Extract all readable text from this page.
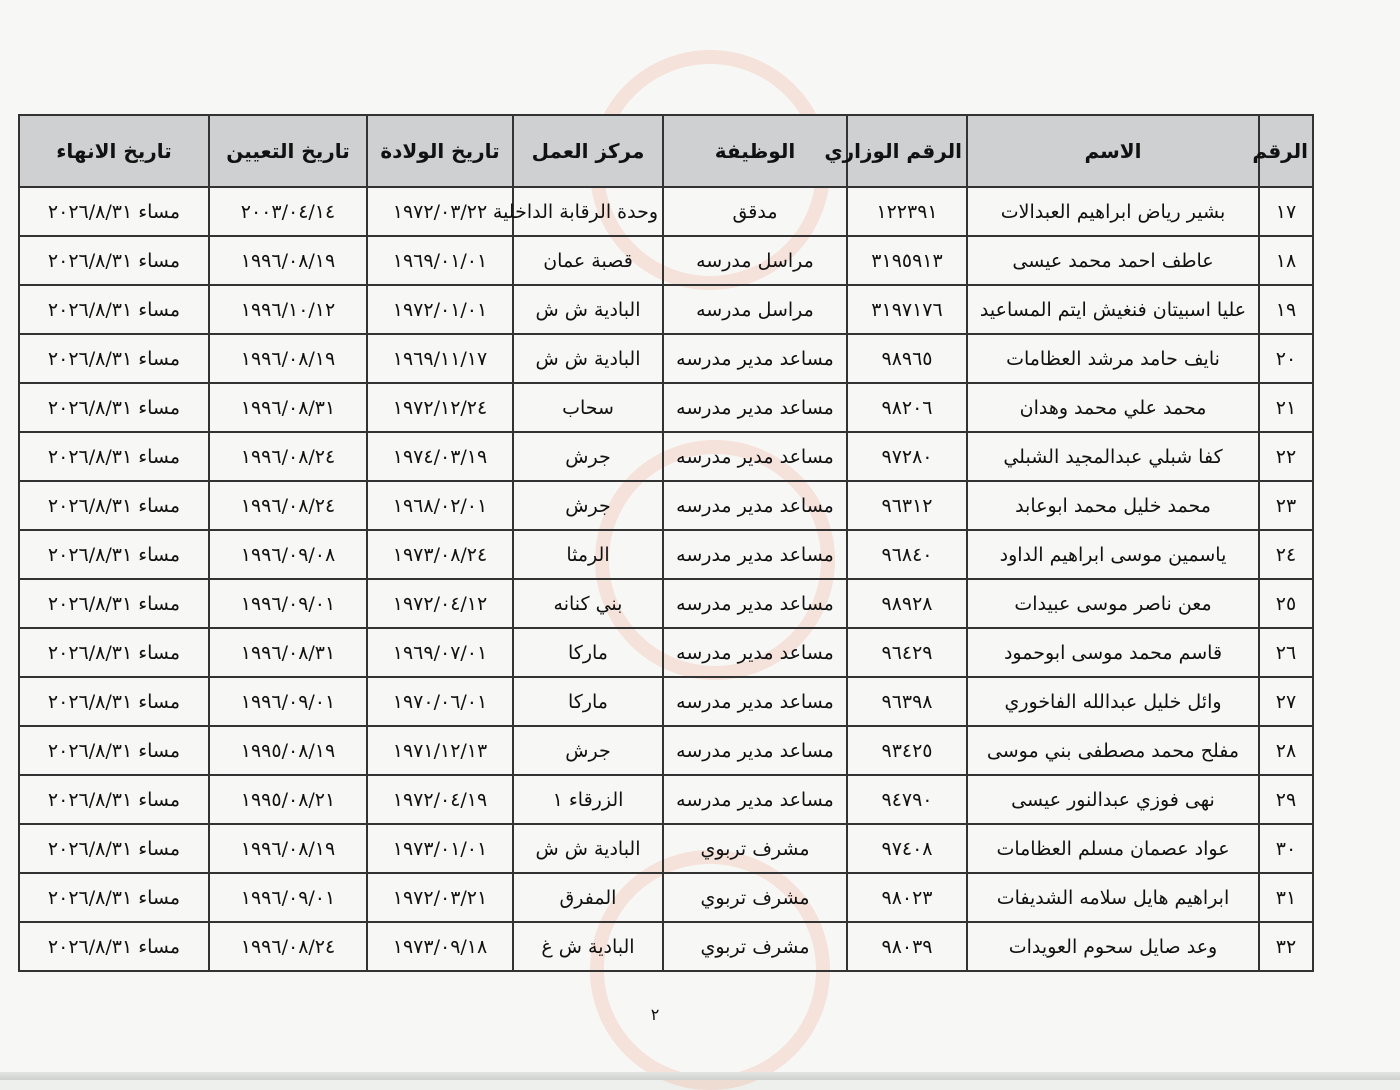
الرقم	الاسم	الرقم الوزاري	الوظيفة	مركز العمل	تاريخ الولادة	تاريخ التعيين	تاريخ الانهاء
١٧	بشير رياض ابراهيم العبدالات	١٢٢٣٩١	مدقق	وحدة الرقابة الداخلية	١٩٧٢/٠٣/٢٢	٢٠٠٣/٠٤/١٤	مساء ٢٠٢٦/٨/٣١
١٨	عاطف احمد محمد عيسى	٣١٩٥٩١٣	مراسل مدرسه	قصبة عمان	١٩٦٩/٠١/٠١	١٩٩٦/٠٨/١٩	مساء ٢٠٢٦/٨/٣١
١٩	عليا اسبيتان فنغيش ايتم المساعيد	٣١٩٧١٧٦	مراسل مدرسه	البادية ش ش	١٩٧٢/٠١/٠١	١٩٩٦/١٠/١٢	مساء ٢٠٢٦/٨/٣١
٢٠	نايف حامد مرشد العظامات	٩٨٩٦٥	مساعد مدير مدرسه	البادية ش ش	١٩٦٩/١١/١٧	١٩٩٦/٠٨/١٩	مساء ٢٠٢٦/٨/٣١
٢١	محمد علي محمد وهدان	٩٨٢٠٦	مساعد مدير مدرسه	سحاب	١٩٧٢/١٢/٢٤	١٩٩٦/٠٨/٣١	مساء ٢٠٢٦/٨/٣١
٢٢	كفا شبلي عبدالمجيد الشبلي	٩٧٢٨٠	مساعد مدير مدرسه	جرش	١٩٧٤/٠٣/١٩	١٩٩٦/٠٨/٢٤	مساء ٢٠٢٦/٨/٣١
٢٣	محمد خليل محمد ابوعابد	٩٦٣١٢	مساعد مدير مدرسه	جرش	١٩٦٨/٠٢/٠١	١٩٩٦/٠٨/٢٤	مساء ٢٠٢٦/٨/٣١
٢٤	ياسمين موسى ابراهيم الداود	٩٦٨٤٠	مساعد مدير مدرسه	الرمثا	١٩٧٣/٠٨/٢٤	١٩٩٦/٠٩/٠٨	مساء ٢٠٢٦/٨/٣١
٢٥	معن ناصر موسى عبيدات	٩٨٩٢٨	مساعد مدير مدرسه	بني كنانه	١٩٧٢/٠٤/١٢	١٩٩٦/٠٩/٠١	مساء ٢٠٢٦/٨/٣١
٢٦	قاسم محمد موسى ابوحمود	٩٦٤٢٩	مساعد مدير مدرسه	ماركا	١٩٦٩/٠٧/٠١	١٩٩٦/٠٨/٣١	مساء ٢٠٢٦/٨/٣١
٢٧	وائل خليل عبدالله الفاخوري	٩٦٣٩٨	مساعد مدير مدرسه	ماركا	١٩٧٠/٠٦/٠١	١٩٩٦/٠٩/٠١	مساء ٢٠٢٦/٨/٣١
٢٨	مفلح محمد مصطفى بني موسى	٩٣٤٢٥	مساعد مدير مدرسه	جرش	١٩٧١/١٢/١٣	١٩٩٥/٠٨/١٩	مساء ٢٠٢٦/٨/٣١
٢٩	نهى فوزي عبدالنور عيسى	٩٤٧٩٠	مساعد مدير مدرسه	الزرقاء ١	١٩٧٢/٠٤/١٩	١٩٩٥/٠٨/٢١	مساء ٢٠٢٦/٨/٣١
٣٠	عواد عصمان مسلم العظامات	٩٧٤٠٨	مشرف تربوي	البادية ش ش	١٩٧٣/٠١/٠١	١٩٩٦/٠٨/١٩	مساء ٢٠٢٦/٨/٣١
٣١	ابراهيم هايل سلامه الشديفات	٩٨٠٢٣	مشرف تربوي	المفرق	١٩٧٢/٠٣/٢١	١٩٩٦/٠٩/٠١	مساء ٢٠٢٦/٨/٣١
٣٢	وعد صايل سحوم العويدات	٩٨٠٣٩	مشرف تربوي	البادية ش غ	١٩٧٣/٠٩/١٨	١٩٩٦/٠٨/٢٤	مساء ٢٠٢٦/٨/٣١
٢
